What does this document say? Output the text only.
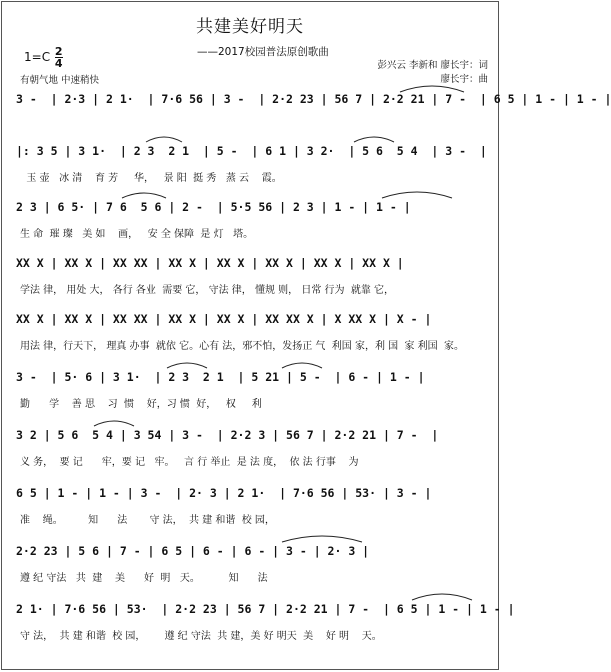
共建美好明天
——2017校园普法原创歌曲
$1=C \frac{2}{4}$
有朝气地 中速稍快
彭兴云 李新和 廖长宇：词
廖长宇：曲
3 -  | 2·3 | 2 1·  | 7·6 56 | 3 -  | 2·2 23 | 56 7 | 2·2 21 | 7 -  | 6 5 | 1 - | 1 - |
|: 3 5 | 3 1·  | 2 3  2 1  | 5 -  | 6 1 | 3 2·  | 5 6  5 4  | 3 -  |
玉 壶   冰 清    育 芳     华，   景 阳  挺 秀   蒸 云    霞。
2 3 | 6 5· | 7 6  5 6 | 2 -  | 5·5 56 | 2 3 | 1 - | 1 - |
生 命  璀 璨   美 如    画，   安 全 保障  是 灯   塔。
XX X | XX X | XX XX | XX X | XX X | XX X | XX X | XX X |
学法 律， 用处 大， 各行 各业  需要 它， 守法 律， 懂规 则， 日常 行为  就靠 它，
XX X | XX X | XX XX | XX X | XX X | XX XX X | X XX X | X - |
用法 律，行天下， 理真 办事  就依 它。心有 法，邪不怕，发扬正 气  利国 家，利 国  家 利国  家。
3 -  | 5· 6 | 3 1·  | 2 3  2 1  | 5 21 | 5 -  | 6 - | 1 - |
勤      学    善 思    习  惯    好，习 惯  好，   权     利
3 2 | 5 6  5 4 | 3 54 | 3 -  | 2·2 3 | 56 7 | 2·2 21 | 7 -  |
义 务，  要 记      牢，要 记   牢。   言 行 举止  是 法 度，  依 法 行事    为
6 5 | 1 - | 1 - | 3 -  | 2· 3 | 2 1·  | 7·6 56 | 53· | 3 - |
准    绳。        知      法       守 法，  共 建 和谐  校 园，
2·2 23 | 5 6 | 7 - | 6 5 | 6 - | 6 - | 3 - | 2· 3 |
遵 纪 守法   共  建    美      好  明   天。         知      法
2 1· | 7·6 56 | 53·  | 2·2 23 | 56 7 | 2·2 21 | 7 -  | 6 5 | 1 - | 1 - |
守 法，  共 建 和谐  校 园，      遵 纪 守法  共 建，美 好 明天  美    好 明    天。
